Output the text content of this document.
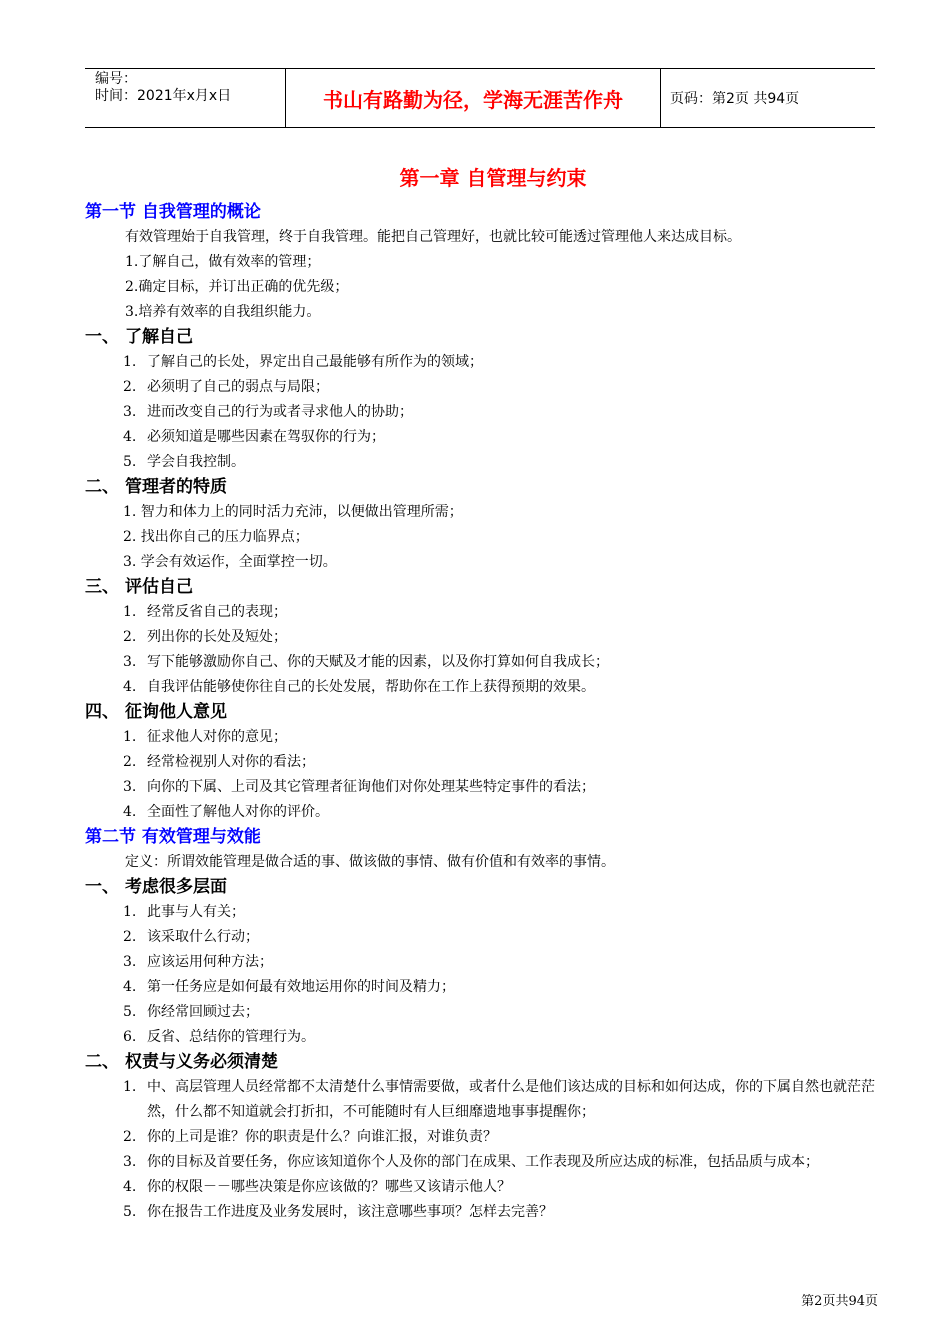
编号：
时间：2021年x月x日	书山有路勤为径，学海无涯苦作舟	页码：第2页 共94页
第一章 自管理与约束
第一节 自我管理的概论
有效管理始于自我管理，终于自我管理。能把自己管理好，也就比较可能透过管理他人来达成目标。
1.了解自己，做有效率的管理；
2.确定目标，并订出正确的优先级；
3.培养有效率的自我组织能力。
一、 了解自己
1. 了解自己的长处，界定出自己最能够有所作为的领域；
2. 必须明了自己的弱点与局限；
3. 进而改变自己的行为或者寻求他人的协助；
4. 必须知道是哪些因素在驾驭你的行为；
5. 学会自我控制。
二、 管理者的特质
1. 智力和体力上的同时活力充沛，以便做出管理所需；
2. 找出你自己的压力临界点；
3. 学会有效运作，全面掌控一切。
三、 评估自己
1. 经常反省自己的表现；
2. 列出你的长处及短处；
3. 写下能够激励你自己、你的天赋及才能的因素，以及你打算如何自我成长；
4. 自我评估能够使你往自己的长处发展，帮助你在工作上获得预期的效果。
四、 征询他人意见
1. 征求他人对你的意见；
2. 经常检视别人对你的看法；
3. 向你的下属、上司及其它管理者征询他们对你处理某些特定事件的看法；
4. 全面性了解他人对你的评价。
第二节 有效管理与效能
定义：所谓效能管理是做合适的事、做该做的事情、做有价值和有效率的事情。
一、 考虑很多层面
1. 此事与人有关；
2. 该采取什么行动；
3. 应该运用何种方法；
4. 第一任务应是如何最有效地运用你的时间及精力；
5. 你经常回顾过去；
6. 反省、总结你的管理行为。
二、 权责与义务必须清楚
1. 中、高层管理人员经常都不太清楚什么事情需要做，或者什么是他们该达成的目标和如何达成，你的下属自然也就茫茫然，什么都不知道就会打折扣，不可能随时有人巨细靡遗地事事提醒你；
2. 你的上司是谁？你的职责是什么？向谁汇报，对谁负责？
3. 你的目标及首要任务，你应该知道你个人及你的部门在成果、工作表现及所应达成的标准，包括品质与成本；
4. 你的权限－－哪些决策是你应该做的？哪些又该请示他人？
5. 你在报告工作进度及业务发展时，该注意哪些事项？怎样去完善？
第2页共94页
